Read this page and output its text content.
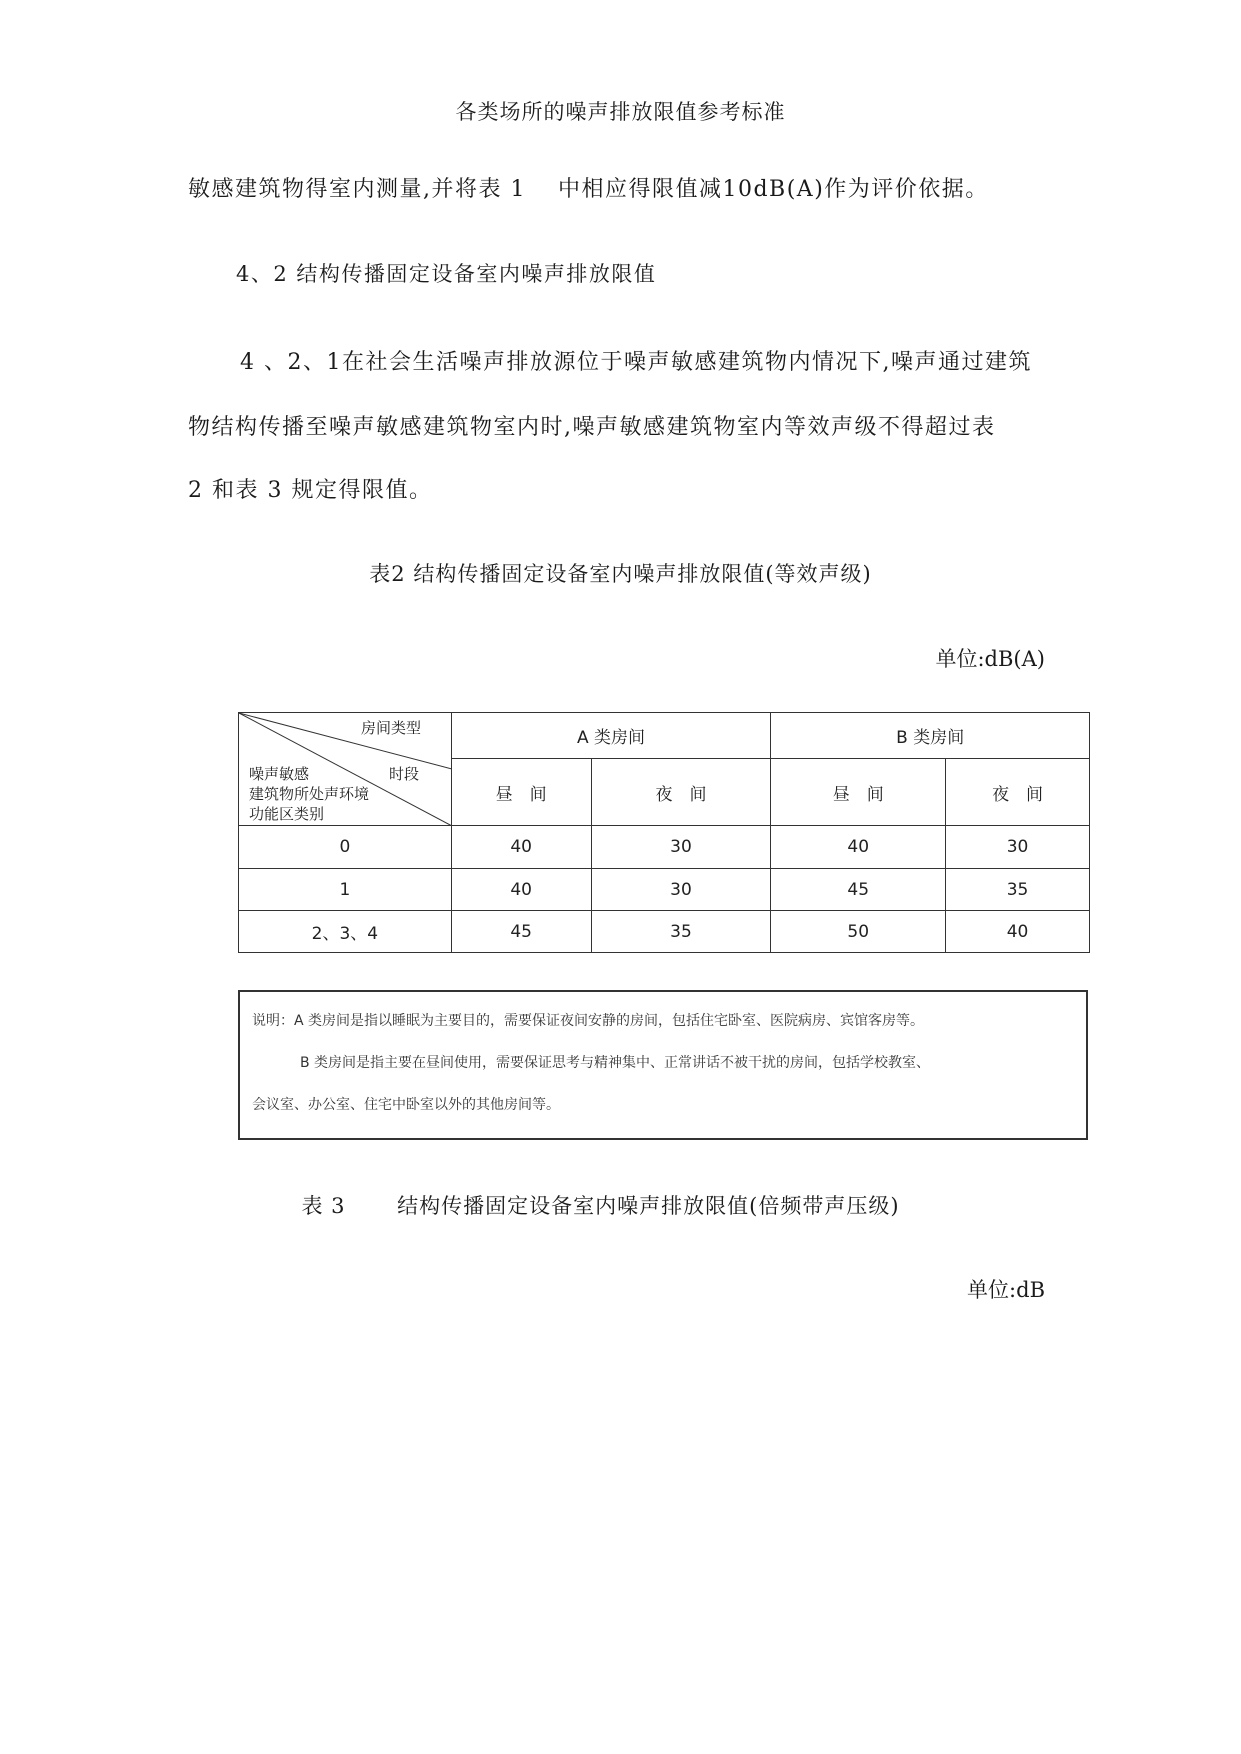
各类场所的噪声排放限值参考标准
敏感建筑物得室内测量,并将表 1　 中相应得限值减10dB(A)作为评价依据。
4、2 结构传播固定设备室内噪声排放限值
4 、2、1在社会生活噪声排放源位于噪声敏感建筑物内情况下,噪声通过建筑
物结构传播至噪声敏感建筑物室内时,噪声敏感建筑物室内等效声级不得超过表
2 和表 3 规定得限值。
表2 结构传播固定设备室内噪声排放限值(等效声级)
单位:dB(A)
房间类型
时段
噪声敏感
建筑物所处声环境
功能区类别	A 类房间		B 类房间	
	昼　间	夜　间	昼　间	夜　间
0	40	30	40	30
1	40	30	45	35
2、3、4	45	35	50	40
说明：A 类房间是指以睡眠为主要目的，需要保证夜间安静的房间，包括住宅卧室、医院病房、宾馆客房等。
B 类房间是指主要在昼间使用，需要保证思考与精神集中、正常讲话不被干扰的房间，包括学校教室、
会议室、办公室、住宅中卧室以外的其他房间等。
表 3 　　结构传播固定设备室内噪声排放限值(倍频带声压级)
单位:dB
